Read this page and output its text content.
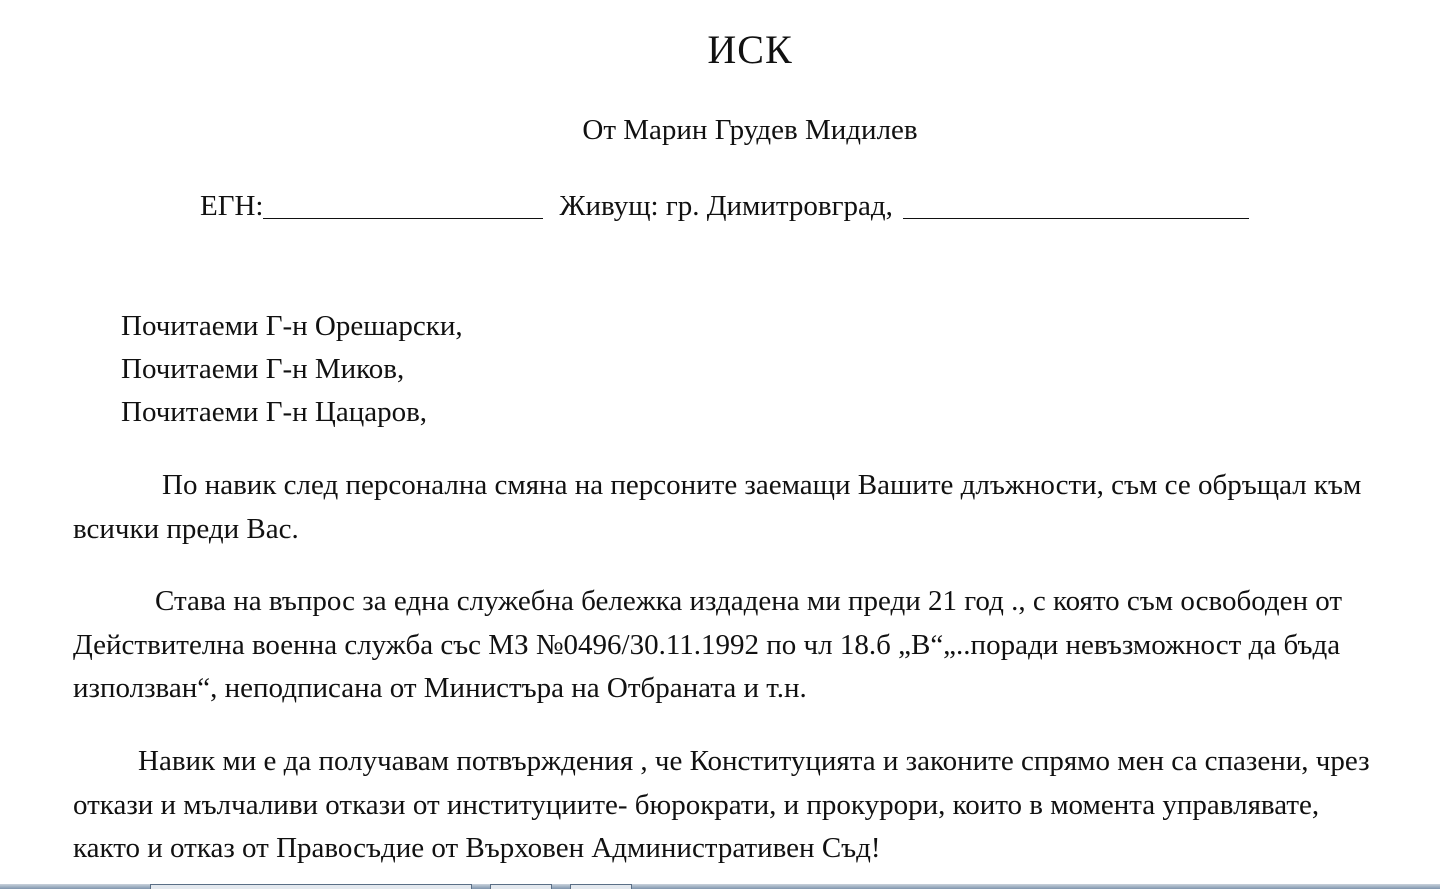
ИСК
От Марин Грудев Мидилев
ЕГН:	Живущ: гр. Димитровград,
Почитаеми Г-н Орешарски,
Почитаеми Г-н Миков,
Почитаеми Г-н Цацаров,

По навик след персонална смяна на персоните заемащи Вашите длъжности, съм се обръщал към всички преди Вас.

Става на въпрос за една служебна бележка издадена ми преди 21 год ., с която съм освободен от Действителна военна служба със МЗ №0496/30.11.1992 по чл 18.б „В“„..поради невъзможност да бъда използван“, неподписана от Министъра на Отбраната и т.н.

Навик ми е да получавам потвърждения , че Конституцията и законите спрямо мен са спазени, чрез откази и мълчаливи откази от институциите- бюрократи, и прокурори, които в момента управлявате, както и отказ от Правосъдие от Върховен Административен Съд!
